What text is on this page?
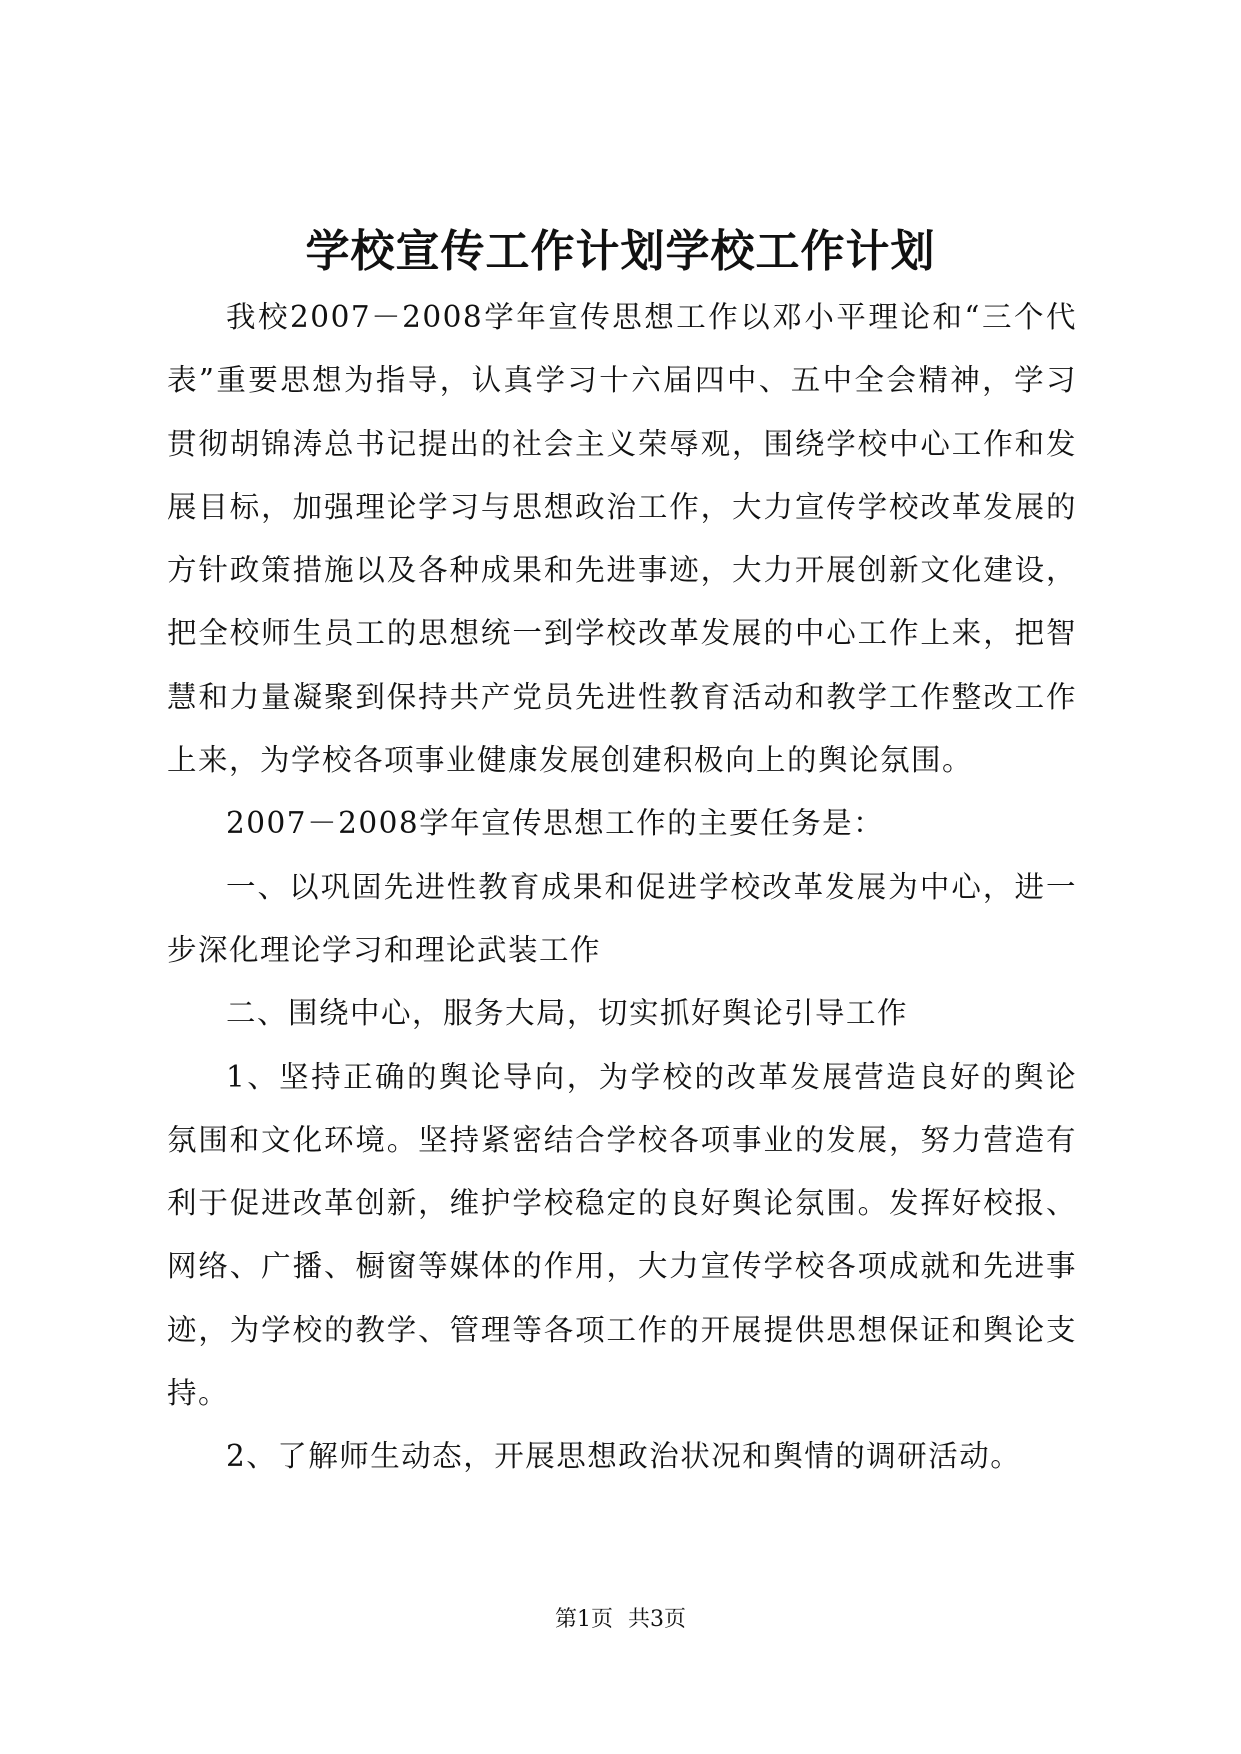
学校宣传工作计划学校工作计划

我校2007－2008学年宣传思想工作以邓小平理论和“三个代表”重要思想为指导，认真学习十六届四中、五中全会精神，学习贯彻胡锦涛总书记提出的社会主义荣辱观，围绕学校中心工作和发展目标，加强理论学习与思想政治工作，大力宣传学校改革发展的方针政策措施以及各种成果和先进事迹，大力开展创新文化建设，把全校师生员工的思想统一到学校改革发展的中心工作上来，把智慧和力量凝聚到保持共产党员先进性教育活动和教学工作整改工作上来，为学校各项事业健康发展创建积极向上的舆论氛围。

2007－2008学年宣传思想工作的主要任务是：

一、以巩固先进性教育成果和促进学校改革发展为中心，进一步深化理论学习和理论武装工作

二、围绕中心，服务大局，切实抓好舆论引导工作

1、坚持正确的舆论导向，为学校的改革发展营造良好的舆论氛围和文化环境。坚持紧密结合学校各项事业的发展，努力营造有利于促进改革创新，维护学校稳定的良好舆论氛围。发挥好校报、网络、广播、橱窗等媒体的作用，大力宣传学校各项成就和先进事迹，为学校的教学、管理等各项工作的开展提供思想保证和舆论支持。

2、了解师生动态，开展思想政治状况和舆情的调研活动。

第1页 共3页
